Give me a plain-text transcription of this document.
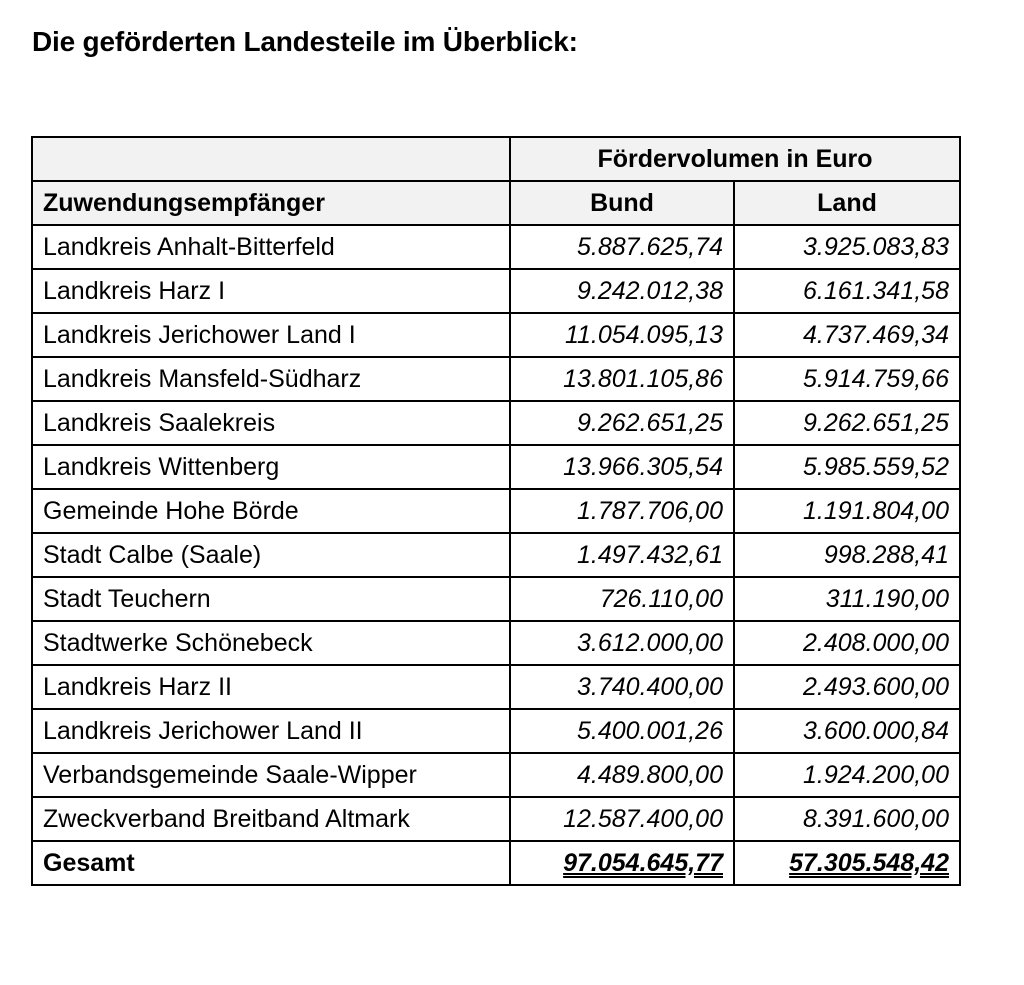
Die geförderten Landesteile im Überblick:
	Fördervolumen in Euro	
Zuwendungsempfänger	Bund	Land
Landkreis Anhalt-Bitterfeld	5.887.625,74	3.925.083,83
Landkreis Harz I	9.242.012,38	6.161.341,58
Landkreis Jerichower Land I	11.054.095,13	4.737.469,34
Landkreis Mansfeld-Südharz	13.801.105,86	5.914.759,66
Landkreis Saalekreis	9.262.651,25	9.262.651,25
Landkreis Wittenberg	13.966.305,54	5.985.559,52
Gemeinde Hohe Börde	1.787.706,00	1.191.804,00
Stadt Calbe (Saale)	1.497.432,61	998.288,41
Stadt Teuchern	726.110,00	311.190,00
Stadtwerke Schönebeck	3.612.000,00	2.408.000,00
Landkreis Harz II	3.740.400,00	2.493.600,00
Landkreis Jerichower Land II	5.400.001,26	3.600.000,84
Verbandsgemeinde Saale-Wipper	4.489.800,00	1.924.200,00
Zweckverband Breitband Altmark	12.587.400,00	8.391.600,00
Gesamt	97.054.645,77	57.305.548,42
